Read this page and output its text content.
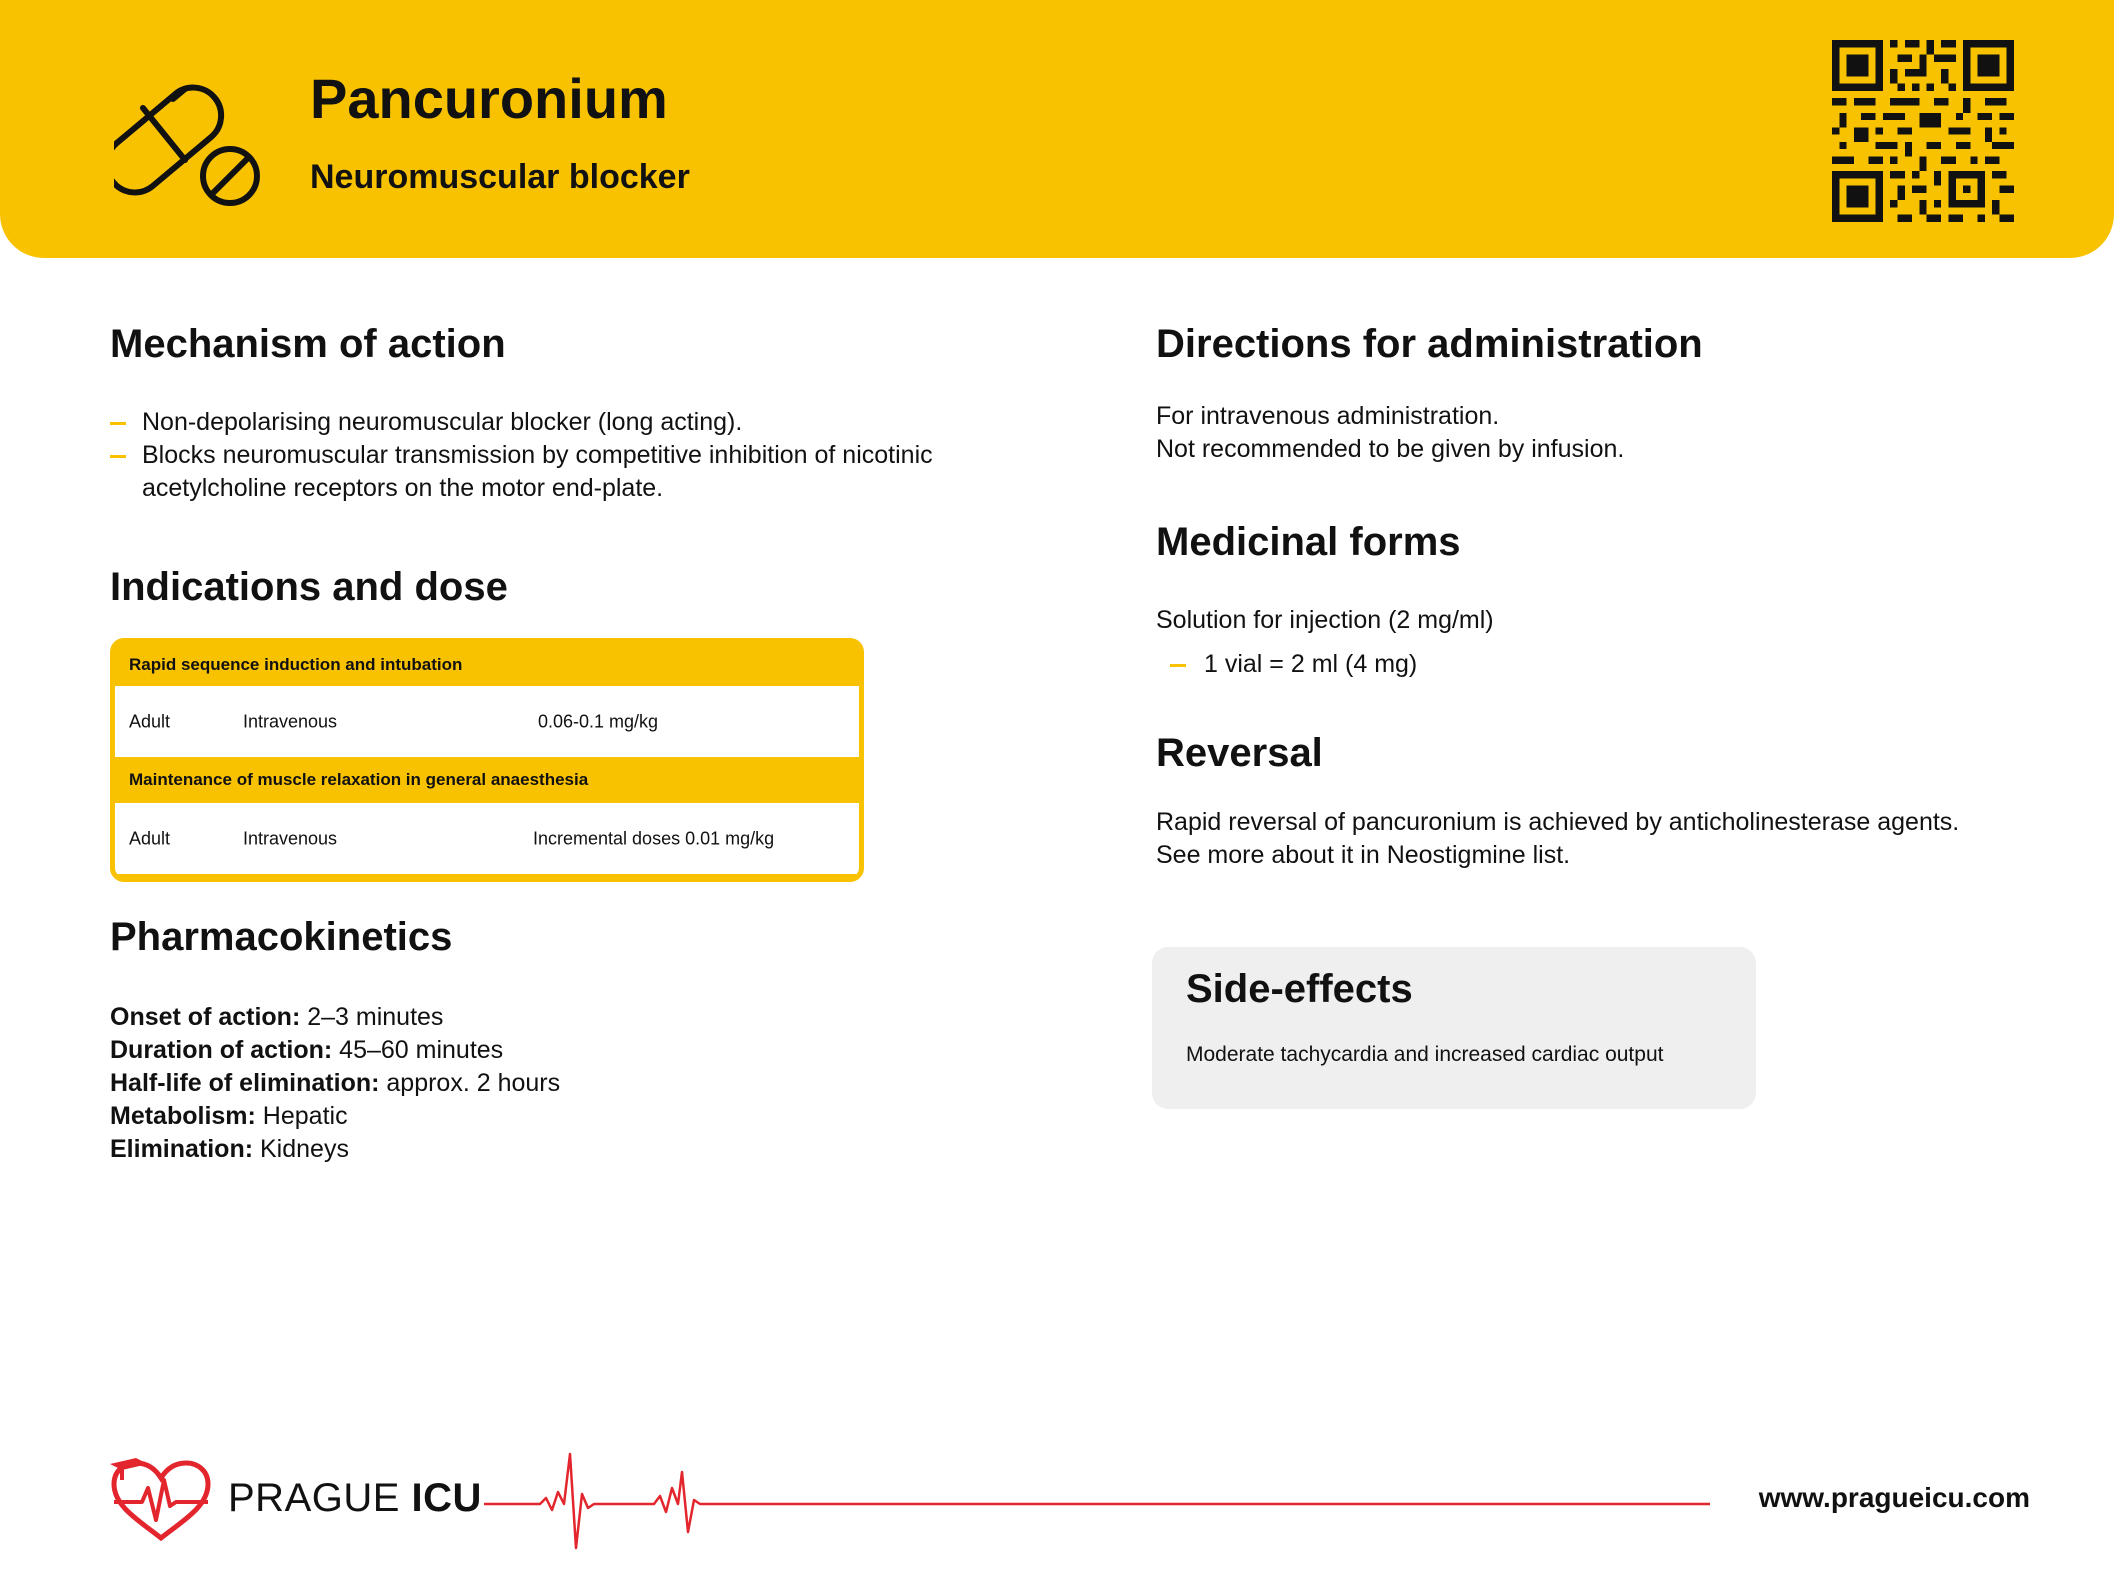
Pancuronium
Neuromuscular blocker
Mechanism of action
Non-depolarising neuromuscular blocker (long acting).
Blocks neuromuscular transmission by competitive inhibition of nicotinic acetylcholine receptors on the motor end-plate.
Indications and dose
Rapid sequence induction and intubation
Adult	Intravenous	0.06-0.1 mg/kg
Maintenance of muscle relaxation in general anaesthesia
Adult	Intravenous	Incremental doses 0.01 mg/kg
Pharmacokinetics
Onset of action: 2–3 minutes
Duration of action: 45–60 minutes
Half-life of elimination: approx. 2 hours
Metabolism: Hepatic
Elimination: Kidneys
Directions for administration
For intravenous administration.
Not recommended to be given by infusion.
Medicinal forms
Solution for injection (2 mg/ml)
1 vial = 2 ml (4 mg)
Reversal
Rapid reversal of pancuronium is achieved by anticholinesterase agents.
See more about it in Neostigmine list.
Side-effects
Moderate tachycardia and increased cardiac output
PRAGUE ICU	www.pragueicu.com
